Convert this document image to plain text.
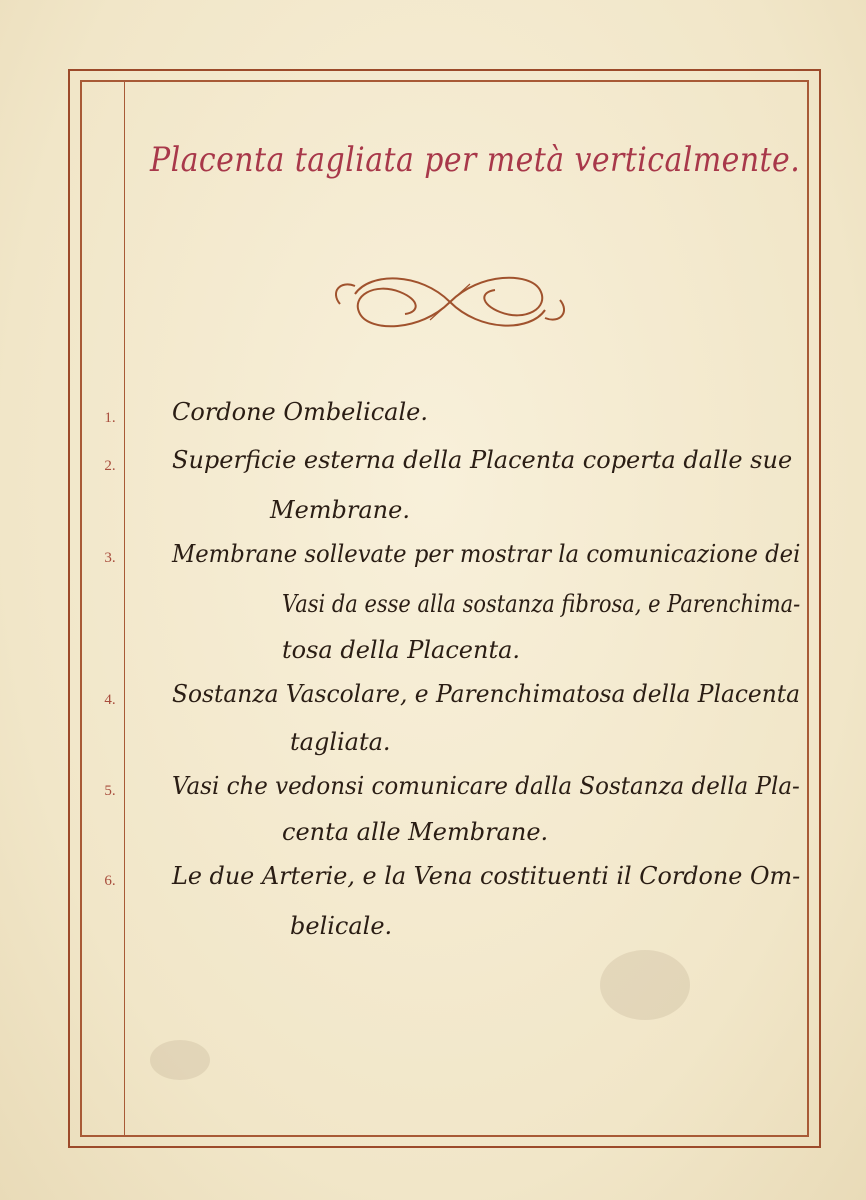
Placenta tagliata per metà verticalmente.
1. Cordone Ombelicale.
2. Superficie esterna della Placenta coperta dalle sue
Membrane.
3. Membrane sollevate per mostrar la comunicazione dei
Vasi da esse alla sostanza fibrosa, e Parenchima-
tosa della Placenta.
4. Sostanza Vascolare, e Parenchimatosa della Placenta
tagliata.
5. Vasi che vedonsi comunicare dalla Sostanza della Pla-
centa alle Membrane.
6. Le due Arterie, e la Vena costituenti il Cordone Om-
belicale.
